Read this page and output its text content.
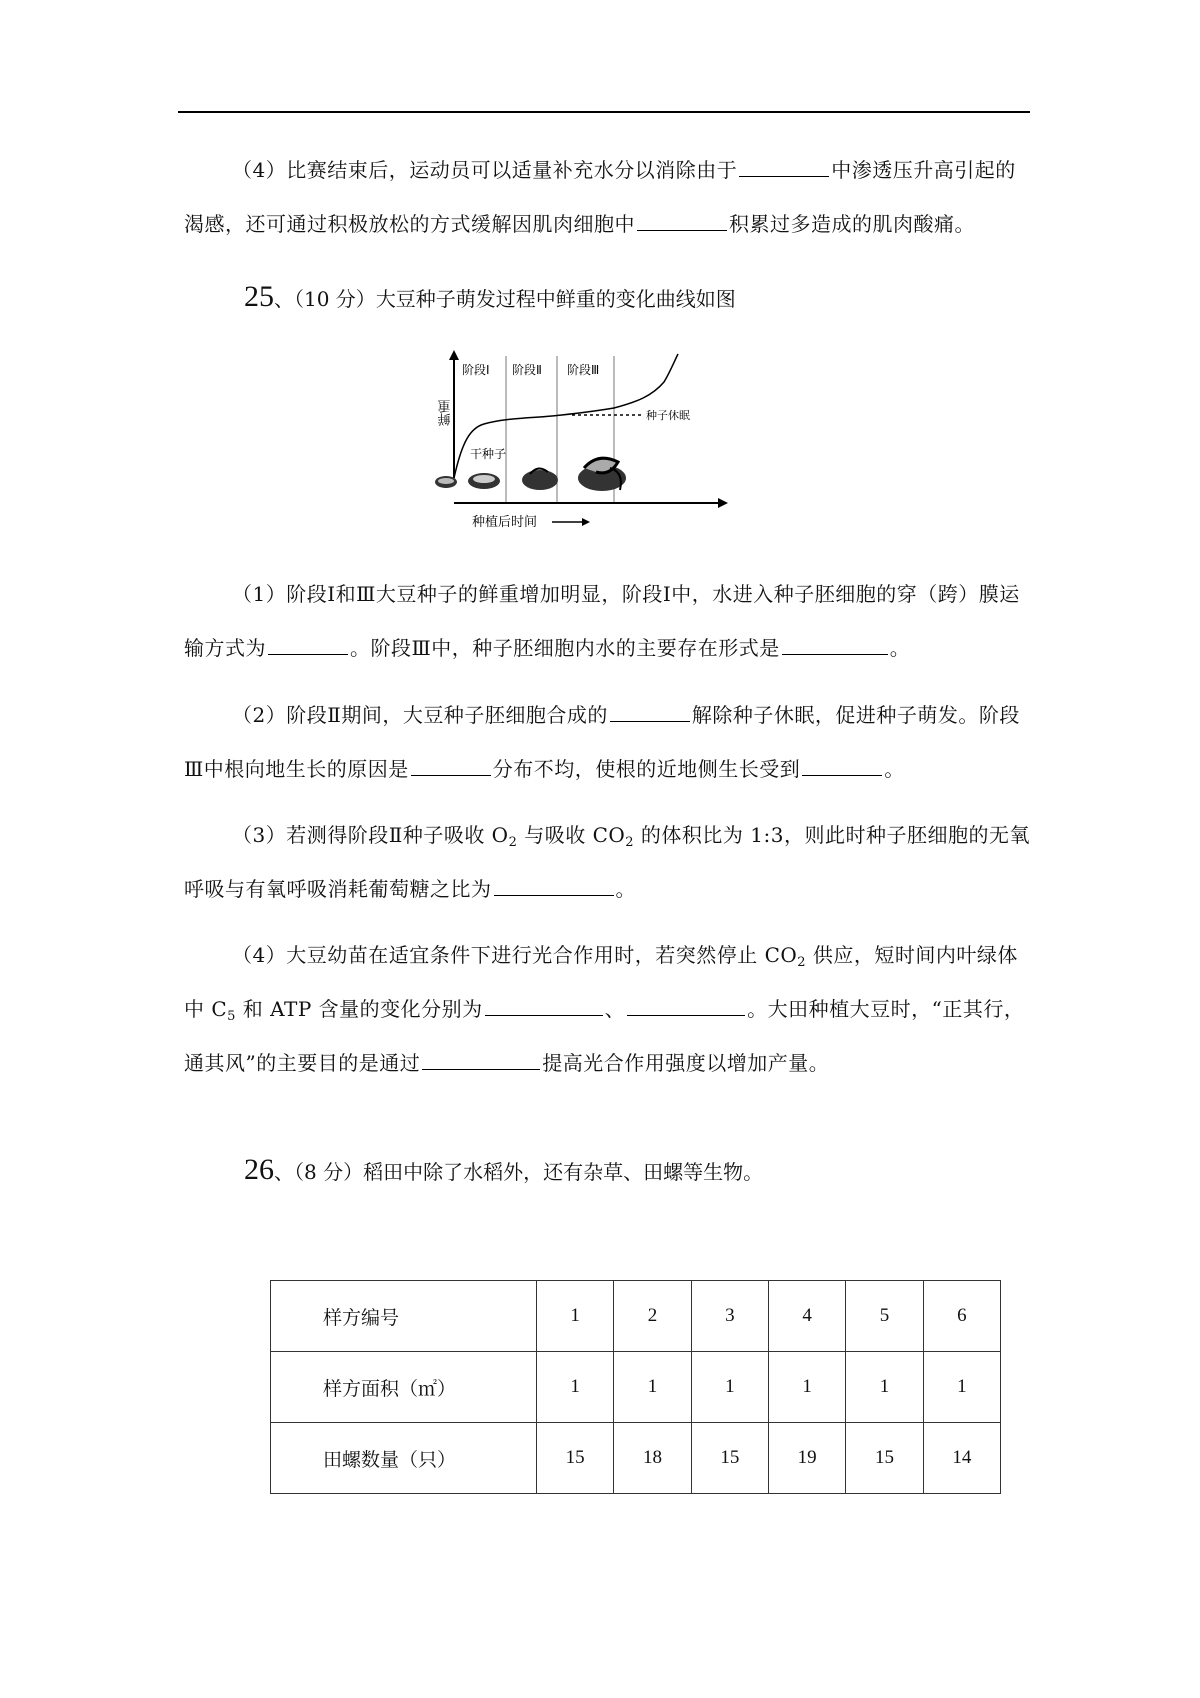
（4）比赛结束后，运动员可以适量补充水分以消除由于	中渗透压升高引起的渴感，还可通过积极放松的方式缓解因肌肉细胞中	积累过多造成的肌肉酸痛。
25、（10 分）大豆种子萌发过程中鲜重的变化曲线如图
阶段Ⅰ 阶段Ⅱ 阶段Ⅲ
种子休眠
干种子
鲜重
种植后时间
（1）阶段Ⅰ和Ⅲ大豆种子的鲜重增加明显，阶段Ⅰ中，水进入种子胚细胞的穿（跨）膜运输方式为	。阶段Ⅲ中，种子胚细胞内水的主要存在形式是	。
（2）阶段Ⅱ期间，大豆种子胚细胞合成的	解除种子休眠，促进种子萌发。阶段Ⅲ中根向地生长的原因是	分布不均，使根的近地侧生长受到	。
（3）若测得阶段Ⅱ种子吸收 $O_2$ 与吸收 $CO_2$ 的体积比为 1:3，则此时种子胚细胞的无氧呼吸与有氧呼吸消耗葡萄糖之比为	。
（4）大豆幼苗在适宜条件下进行光合作用时，若突然停止 $CO_2$ 供应，短时间内叶绿体中 $C_5$ 和 ATP 含量的变化分别为	、	。大田种植大豆时，“正其行，通其风”的主要目的是通过	提高光合作用强度以增加产量。
26、（8 分）稻田中除了水稻外，还有杂草、田螺等生物。
样方编号	1	2	3	4	5	6
样方面积（㎡）	1	1	1	1	1	1
田螺数量（只）	15	18	15	19	15	14
